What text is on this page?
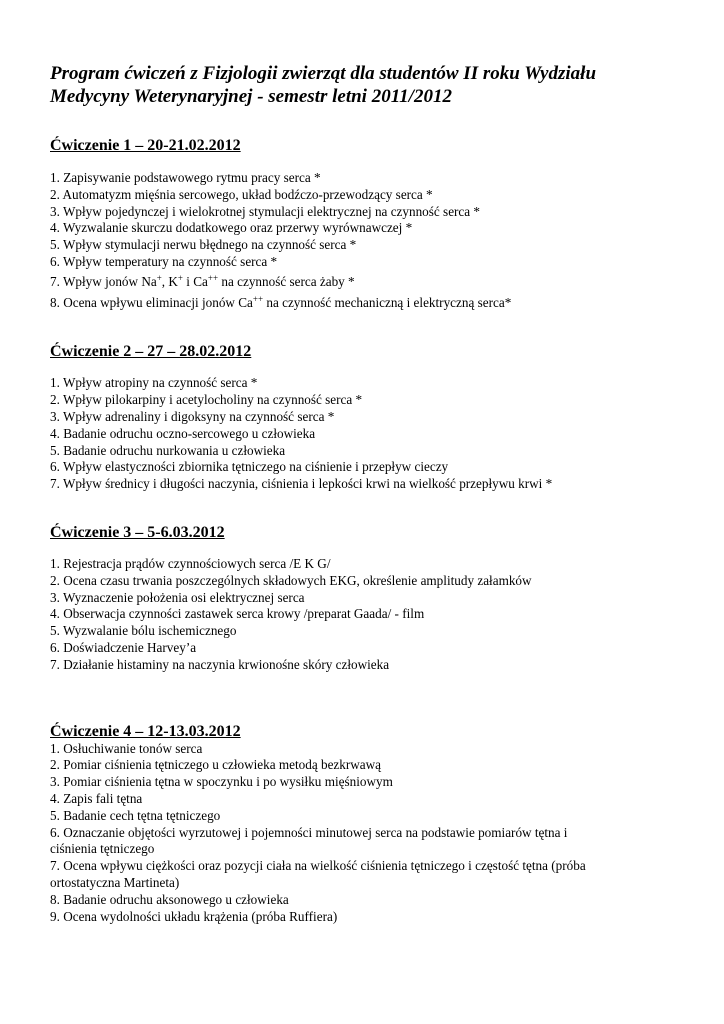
Program ćwiczeń z Fizjologii zwierząt dla studentów II roku Wydziału

Medycyny Weterynaryjnej - semestr letni 2011/2012

Ćwiczenie 1 – 20-21.02.2012

1. Zapisywanie podstawowego rytmu pracy serca *
2. Automatyzm mięśnia sercowego, układ bodźczo-przewodzący serca *
3. Wpływ pojedynczej i wielokrotnej stymulacji elektrycznej na czynność serca *
4. Wyzwalanie skurczu dodatkowego oraz przerwy wyrównawczej *
5. Wpływ stymulacji nerwu błędnego na czynność serca *
6. Wpływ temperatury na czynność serca *
7. Wpływ jonów Na+, K+ i Ca++ na czynność serca żaby *
8. Ocena wpływu eliminacji jonów Ca++ na czynność mechaniczną i elektryczną serca*

Ćwiczenie 2 – 27 – 28.02.2012

1. Wpływ atropiny na czynność serca *
2. Wpływ pilokarpiny i acetylocholiny na czynność serca *
3. Wpływ adrenaliny i digoksyny na czynność serca *
4. Badanie odruchu oczno-sercowego u człowieka
5. Badanie odruchu nurkowania u człowieka
6. Wpływ elastyczności zbiornika tętniczego na ciśnienie i przepływ cieczy
7. Wpływ średnicy i długości naczynia, ciśnienia i lepkości krwi na wielkość przepływu krwi *

Ćwiczenie 3 – 5-6.03.2012

1. Rejestracja prądów czynnościowych serca /E K G/
2. Ocena czasu trwania poszczególnych składowych EKG, określenie amplitudy załamków
3. Wyznaczenie położenia osi elektrycznej serca
4. Obserwacja czynności zastawek serca krowy /preparat Gaada/ - film
5. Wyzwalanie bólu ischemicznego
6. Doświadczenie Harvey’a
7. Działanie histaminy na naczynia krwionośne skóry człowieka

Ćwiczenie 4 – 12-13.03.2012

1. Osłuchiwanie tonów serca
2. Pomiar ciśnienia tętniczego u człowieka metodą bezkrwawą
3. Pomiar ciśnienia tętna w spoczynku i po wysiłku mięśniowym
4. Zapis fali tętna
5. Badanie cech tętna tętniczego
6. Oznaczanie objętości wyrzutowej i pojemności minutowej serca na podstawie pomiarów tętna i
ciśnienia tętniczego
7. Ocena wpływu ciężkości oraz pozycji ciała na wielkość ciśnienia tętniczego i częstość tętna (próba
ortostatyczna Martineta)
8. Badanie odruchu aksonowego u człowieka
9. Ocena wydolności układu krążenia (próba Ruffiera)
